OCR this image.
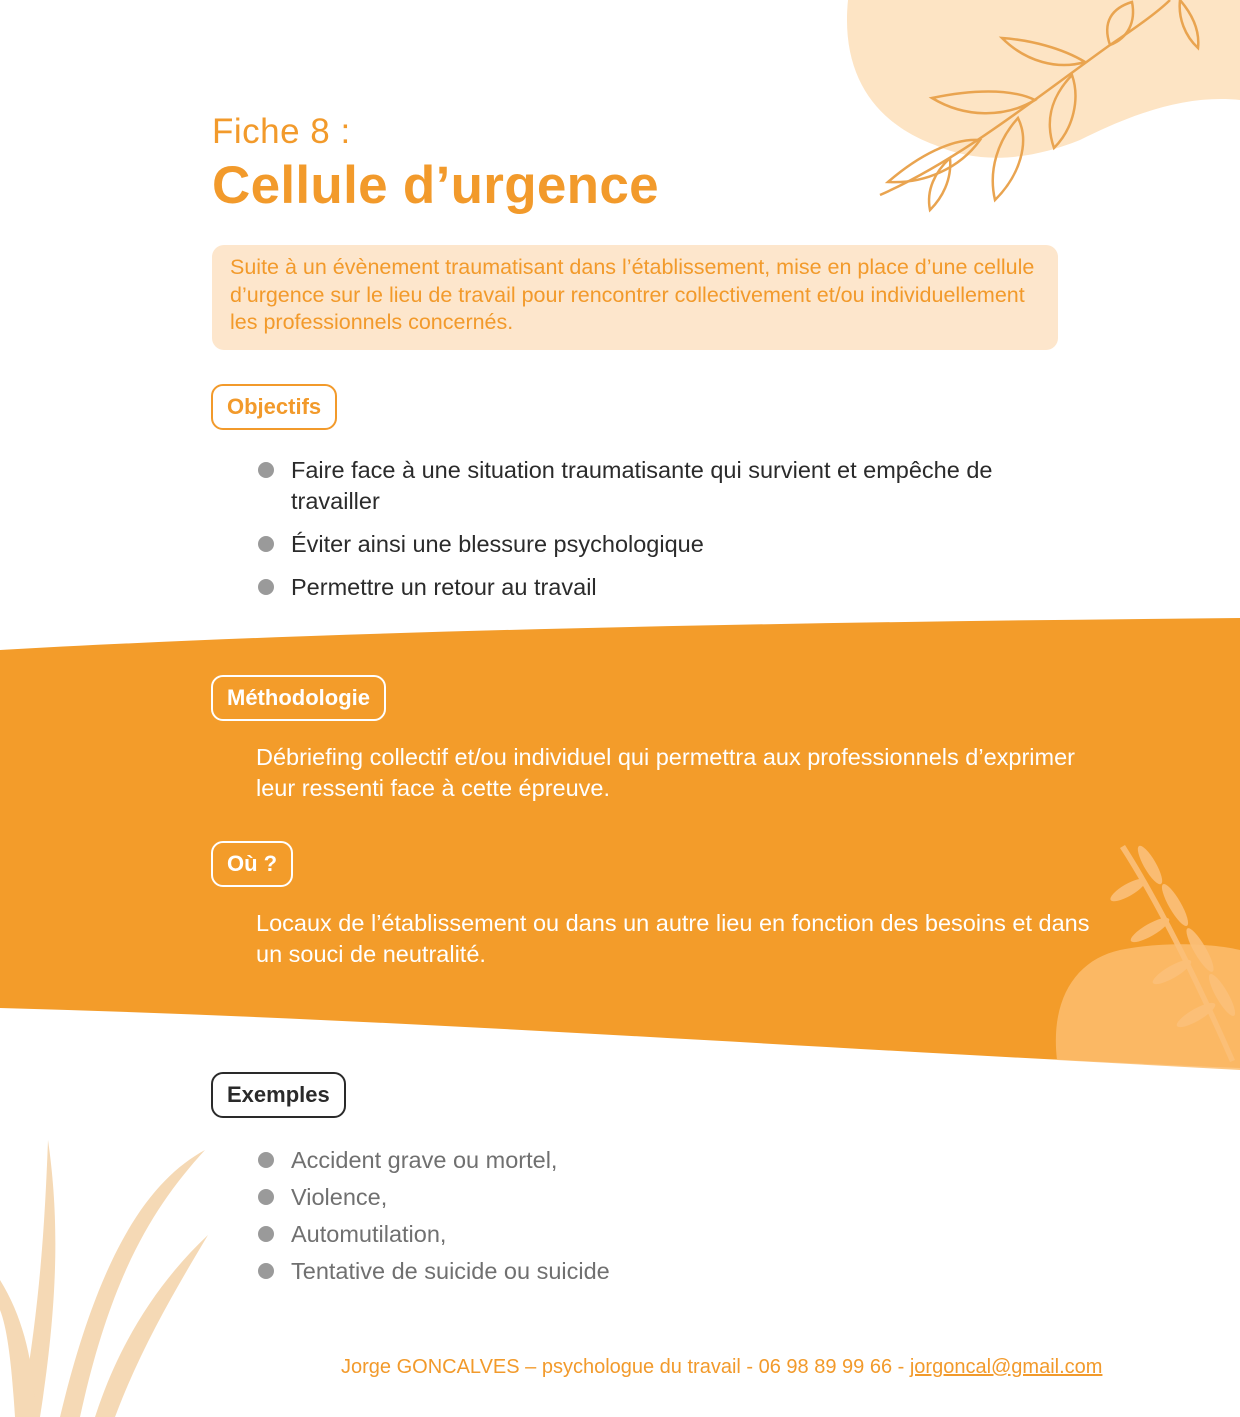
Fiche 8 :
Cellule d’urgence
Suite à un évènement traumatisant dans l’établissement, mise en place d’une cellule d’urgence sur le lieu de travail pour rencontrer collectivement et/ou individuellement les professionnels concernés.
Objectifs
Faire face à une situation traumatisante qui survient et empêche de travailler
Éviter ainsi une blessure psychologique
Permettre un retour au travail
Méthodologie
Débriefing collectif et/ou individuel qui permettra aux professionnels d’exprimer leur ressenti face à cette épreuve.
Où ?
Locaux de l’établissement ou dans un autre lieu en fonction des besoins et dans un souci de neutralité.
Exemples
Accident grave ou mortel,
Violence,
Automutilation,
Tentative de suicide ou suicide
Jorge GONCALVES – psychologue du travail - 06 98 89 99 66 - jorgoncal@gmail.com
